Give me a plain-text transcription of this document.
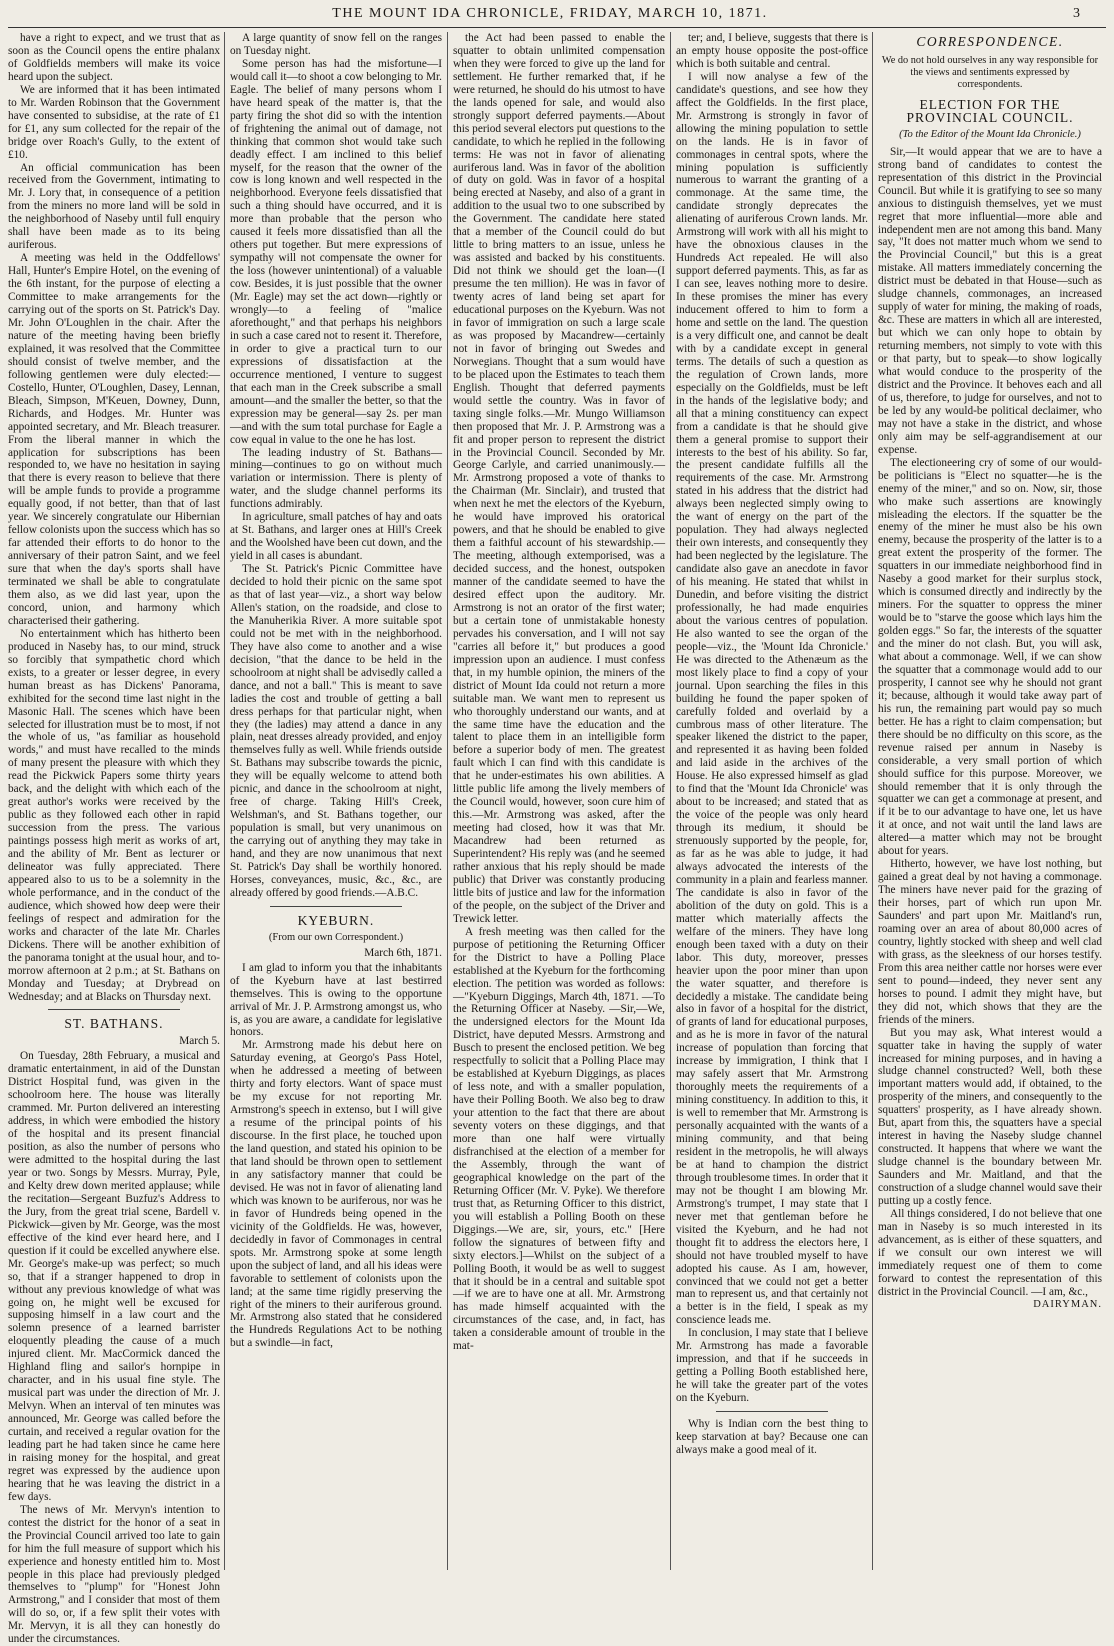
THE MOUNT IDA CHRONICLE, FRIDAY, MARCH 10, 1871.	3

have a right to expect, and we trust that as soon as the Council opens the entire phalanx of Goldfields members will make its voice heard upon the subject.

We are informed that it has been intimated to Mr. Warden Robinson that the Government have consented to subsidise, at the rate of £1 for £1, any sum collected for the repair of the bridge over Roach's Gully, to the extent of £10.

An official communication has been received from the Government, intimating to Mr. J. Lory that, in consequence of a petition from the miners no more land will be sold in the neighborhood of Naseby until full enquiry shall have been made as to its being auriferous.

A meeting was held in the Oddfellows' Hall, Hunter's Empire Hotel, on the evening of the 6th instant, for the purpose of electing a Committee to make arrangements for the carrying out of the sports on St. Patrick's Day. Mr. John O'Loughlen in the chair. After the nature of the meeting having been briefly explained, it was resolved that the Committee should consist of twelve member, and the following gentlemen were duly elected:—Costello, Hunter, O'Loughlen, Dasey, Lennan, Bleach, Simpson, M'Keuen, Downey, Dunn, Richards, and Hodges. Mr. Hunter was appointed secretary, and Mr. Bleach treasurer. From the liberal manner in which the application for subscriptions has been responded to, we have no hesitation in saying that there is every reason to believe that there will be ample funds to provide a programme equally good, if not better, than that of last year. We sincerely congratulate our Hibernian fellow colonists upon the success which has so far attended their efforts to do honor to the anniversary of their patron Saint, and we feel sure that when the day's sports shall have terminated we shall be able to congratulate them also, as we did last year, upon the concord, union, and harmony which characterised their gathering.

No entertainment which has hitherto been produced in Naseby has, to our mind, struck so forcibly that sympathetic chord which exists, to a greater or lesser degree, in every human breast as has Dickens' Panorama, exhibited for the second time last night in the Masonic Hall. The scenes which have been selected for illustration must be to most, if not the whole of us, "as familiar as household words," and must have recalled to the minds of many present the pleasure with which they read the Pickwick Papers some thirty years back, and the delight with which each of the great author's works were received by the public as they followed each other in rapid succession from the press. The various paintings possess high merit as works of art, and the ability of Mr. Bent as lecturer or delineator was fully appreciated. There appeared also to us to be a solemnity in the whole performance, and in the conduct of the audience, which showed how deep were their feelings of respect and admiration for the works and character of the late Mr. Charles Dickens. There will be another exhibition of the panorama tonight at the usual hour, and to-morrow afternoon at 2 p.m.; at St. Bathans on Monday and Tuesday; at Drybread on Wednesday; and at Blacks on Thursday next.

ST. BATHANS.
March 5.

On Tuesday, 28th February, a musical and dramatic entertainment, in aid of the Dunstan District Hospital fund, was given in the schoolroom here. The house was literally crammed. Mr. Purton delivered an interesting address, in which were embodied the history of the hospital and its present financial position, as also the number of persons who were admitted to the hospital during the last year or two. Songs by Messrs. Murray, Pyle, and Kelty drew down merited applause; while the recitation—Sergeant Buzfuz's Address to the Jury, from the great trial scene, Bardell v. Pickwick—given by Mr. George, was the most effective of the kind ever heard here, and I question if it could be excelled anywhere else. Mr. George's make-up was perfect; so much so, that if a stranger happened to drop in without any previous knowledge of what was going on, he might well be excused for supposing himself in a law court and the solemn presence of a learned barrister eloquently pleading the cause of a much injured client. Mr. MacCormick danced the Highland fling and sailor's hornpipe in character, and in his usual fine style. The musical part was under the direction of Mr. J. Melvyn. When an interval of ten minutes was announced, Mr. George was called before the curtain, and received a regular ovation for the leading part he had taken since he came here in raising money for the hospital, and great regret was expressed by the audience upon hearing that he was leaving the district in a few days.

The news of Mr. Mervyn's intention to contest the district for the honor of a seat in the Provincial Council arrived too late to gain for him the full measure of support which his experience and honesty entitled him to. Most people in this place had previously pledged themselves to "plump" for "Honest John Armstrong," and I consider that most of them will do so, or, if a few split their votes with Mr. Mervyn, it is all they can honestly do under the circumstances.

A large quantity of snow fell on the ranges on Tuesday night.

Some person has had the misfortune—I would call it—to shoot a cow belonging to Mr. Eagle. The belief of many persons whom I have heard speak of the matter is, that the party firing the shot did so with the intention of frightening the animal out of damage, not thinking that common shot would take such deadly effect. I am inclined to this belief myself, for the reason that the owner of the cow is long known and well respected in the neighborhood. Everyone feels dissatisfied that such a thing should have occurred, and it is more than probable that the person who caused it feels more dissatisfied than all the others put together. But mere expressions of sympathy will not compensate the owner for the loss (however unintentional) of a valuable cow. Besides, it is just possible that the owner (Mr. Eagle) may set the act down—rightly or wrongly—to a feeling of "malice aforethought," and that perhaps his neighbors in such a case cared not to resent it. Therefore, in order to give a practical turn to our expressions of dissatisfaction at the occurrence mentioned, I venture to suggest that each man in the Creek subscribe a small amount—and the smaller the better, so that the expression may be general—say 2s. per man—and with the sum total purchase for Eagle a cow equal in value to the one he has lost.

The leading industry of St. Bathans—mining—continues to go on without much variation or intermission. There is plenty of water, and the sludge channel performs its functions admirably.

In agriculture, small patches of hay and oats at St. Bathans, and larger ones at Hill's Creek and the Woolshed have been cut down, and the yield in all cases is abundant.

The St. Patrick's Picnic Committee have decided to hold their picnic on the same spot as that of last year—viz., a short way below Allen's station, on the roadside, and close to the Manuherikia River. A more suitable spot could not be met with in the neighborhood. They have also come to another and a wise decision, "that the dance to be held in the schoolroom at night shall be advisedly called a dance, and not a ball." This is meant to save ladies the cost and trouble of getting a ball dress perhaps for that particular night, when they (the ladies) may attend a dance in any plain, neat dresses already provided, and enjoy themselves fully as well. While friends outside St. Bathans may subscribe towards the picnic, they will be equally welcome to attend both picnic, and dance in the schoolroom at night, free of charge. Taking Hill's Creek, Welshman's, and St. Bathans together, our population is small, but very unanimous on the carrying out of anything they may take in hand, and they are now unanimous that next St. Patrick's Day shall be worthily honored. Horses, conveyances, music, &c., &c., are already offered by good friends.—A.B.C.

KYEBURN.
(From our own Correspondent.)
March 6th, 1871.

I am glad to inform you that the inhabitants of the Kyeburn have at last bestirred themselves. This is owing to the opportune arrival of Mr. J. P. Armstrong amongst us, who is, as you are aware, a candidate for legislative honors.

Mr. Armstrong made his debut here on Saturday evening, at Georgo's Pass Hotel, when he addressed a meeting of between thirty and forty electors. Want of space must be my excuse for not reporting Mr. Armstrong's speech in extenso, but I will give a resume of the principal points of his discourse. In the first place, he touched upon the land question, and stated his opinion to be that land should be thrown open to settlement in any satisfactory manner that could be devised. He was not in favor of alienating land which was known to be auriferous, nor was he in favor of Hundreds being opened in the vicinity of the Goldfields. He was, however, decidedly in favor of Commonages in central spots. Mr. Armstrong spoke at some length upon the subject of land, and all his ideas were favorable to settlement of colonists upon the land; at the same time rigidly preserving the right of the miners to their auriferous ground. Mr. Armstrong also stated that he considered the Hundreds Regulations Act to be nothing but a swindle—in fact,

the Act had been passed to enable the squatter to obtain unlimited compensation when they were forced to give up the land for settlement. He further remarked that, if he were returned, he should do his utmost to have the lands opened for sale, and would also strongly support deferred payments.—About this period several electors put questions to the candidate, to which he replied in the following terms: He was not in favor of alienating auriferous land. Was in favor of the abolition of duty on gold. Was in favor of a hospital being erected at Naseby, and also of a grant in addition to the usual two to one subscribed by the Government. The candidate here stated that a member of the Council could do but little to bring matters to an issue, unless he was assisted and backed by his constituents. Did not think we should get the loan—(I presume the ten million). He was in favor of twenty acres of land being set apart for educational purposes on the Kyeburn. Was not in favor of immigration on such a large scale as was proposed by Macandrew—certainly not in favor of bringing out Swedes and Norwegians. Thought that a sum would have to be placed upon the Estimates to teach them English. Thought that deferred payments would settle the country. Was in favor of taxing single folks.—Mr. Mungo Williamson then proposed that Mr. J. P. Armstrong was a fit and proper person to represent the district in the Provincial Council. Seconded by Mr. George Carlyle, and carried unanimously.—Mr. Armstrong proposed a vote of thanks to the Chairman (Mr. Sinclair), and trusted that when next he met the electors of the Kyeburn, he would have improved his oratorical powers, and that he should be enabled to give them a faithful account of his stewardship.—The meeting, although extemporised, was a decided success, and the honest, outspoken manner of the candidate seemed to have the desired effect upon the auditory. Mr. Armstrong is not an orator of the first water; but a certain tone of unmistakable honesty pervades his conversation, and I will not say "carries all before it," but produces a good impression upon an audience. I must confess that, in my humble opinion, the miners of the district of Mount Ida could not return a more suitable man. We want men to represent us who thoroughly understand our wants, and at the same time have the education and the talent to place them in an intelligible form before a superior body of men. The greatest fault which I can find with this candidate is that he under-estimates his own abilities. A little public life among the lively members of the Council would, however, soon cure him of this.—Mr. Armstrong was asked, after the meeting had closed, how it was that Mr. Macandrew had been returned as Superintendent? His reply was (and he seemed rather anxious that his reply should be made public) that Driver was constantly producing little bits of justice and law for the information of the people, on the subject of the Driver and Trewick letter.

A fresh meeting was then called for the purpose of petitioning the Returning Officer for the District to have a Polling Place established at the Kyeburn for the forthcoming election. The petition was worded as follows:—"Kyeburn Diggings, March 4th, 1871. —To the Returning Officer at Naseby. —Sir,—We, the undersigned electors for the Mount Ida District, have deputed Messrs. Armstrong and Busch to present the enclosed petition. We beg respectfully to solicit that a Polling Place may be established at Kyeburn Diggings, as places of less note, and with a smaller population, have their Polling Booth. We also beg to draw your attention to the fact that there are about seventy voters on these diggings, and that more than one half were virtually disfranchised at the election of a member for the Assembly, through the want of geographical knowledge on the part of the Returning Officer (Mr. V. Pyke). We therefore trust that, as Returning Officer to this district, you will establish a Polling Booth on these Diggings.—We are, sir, yours, etc." [Here follow the signatures of between fifty and sixty electors.]—Whilst on the subject of a Polling Booth, it would be as well to suggest that it should be in a central and suitable spot—if we are to have one at all. Mr. Armstrong has made himself acquainted with the circumstances of the case, and, in fact, has taken a considerable amount of trouble in the mat-

ter; and, I believe, suggests that there is an empty house opposite the post-office which is both suitable and central.

I will now analyse a few of the candidate's questions, and see how they affect the Goldfields. In the first place, Mr. Armstrong is strongly in favor of allowing the mining population to settle on the lands. He is in favor of commonages in central spots, where the mining population is sufficiently numerous to warrant the granting of a commonage. At the same time, the candidate strongly deprecates the alienating of auriferous Crown lands. Mr. Armstrong will work with all his might to have the obnoxious clauses in the Hundreds Act repealed. He will also support deferred payments. This, as far as I can see, leaves nothing more to desire. In these promises the miner has every inducement offered to him to form a home and settle on the land. The question is a very difficult one, and cannot be dealt with by a candidate except in general terms. The details of such a question as the regulation of Crown lands, more especially on the Goldfields, must be left in the hands of the legislative body; and all that a mining constituency can expect from a candidate is that he should give them a general promise to support their interests to the best of his ability. So far, the present candidate fulfills all the requirements of the case. Mr. Armstrong stated in his address that the district had always been neglected simply owing to the want of energy on the part of the population. They had always neglected their own interests, and consequently they had been neglected by the legislature. The candidate also gave an anecdote in favor of his meaning. He stated that whilst in Dunedin, and before visiting the district professionally, he had made enquiries about the various centres of population. He also wanted to see the organ of the people—viz., the 'Mount Ida Chronicle.' He was directed to the Athenæum as the most likely place to find a copy of your journal. Upon searching the files in this building he found the paper spoken of carefully folded and overlaid by a cumbrous mass of other literature. The speaker likened the district to the paper, and represented it as having been folded and laid aside in the archives of the House. He also expressed himself as glad to find that the 'Mount Ida Chronicle' was about to be increased; and stated that as the voice of the people was only heard through its medium, it should be strenuously supported by the people, for, as far as he was able to judge, it had always advocated the interests of the community in a plain and fearless manner. The candidate is also in favor of the abolition of the duty on gold. This is a matter which materially affects the welfare of the miners. They have long enough been taxed with a duty on their labor. This duty, moreover, presses heavier upon the poor miner than upon the water squatter, and therefore is decidedly a mistake. The candidate being also in favor of a hospital for the district, of grants of land for educational purposes, and as he is more in favor of the natural increase of population than forcing that increase by immigration, I think that I may safely assert that Mr. Armstrong thoroughly meets the requirements of a mining constituency. In addition to this, it is well to remember that Mr. Armstrong is personally acquainted with the wants of a mining community, and that being resident in the metropolis, he will always be at hand to champion the district through troublesome times. In order that it may not be thought I am blowing Mr. Armstrong's trumpet, I may state that I never met that gentleman before he visited the Kyeburn, and he had not thought fit to address the electors here, I should not have troubled myself to have adopted his cause. As I am, however, convinced that we could not get a better man to represent us, and that certainly not a better is in the field, I speak as my conscience leads me.

In conclusion, I may state that I believe Mr. Armstrong has made a favorable impression, and that if he succeeds in getting a Polling Booth established here, he will take the greater part of the votes on the Kyeburn.

Why is Indian corn the best thing to keep starvation at bay? Because one can always make a good meal of it.

CORRESPONDENCE.
We do not hold ourselves in any way responsible for the views and sentiments expressed by correspondents.
ELECTION FOR THE PROVINCIAL COUNCIL.
(To the Editor of the Mount Ida Chronicle.)

Sir,—It would appear that we are to have a strong band of candidates to contest the representation of this district in the Provincial Council. But while it is gratifying to see so many anxious to distinguish themselves, yet we must regret that more influential—more able and independent men are not among this band. Many say, "It does not matter much whom we send to the Provincial Council," but this is a great mistake. All matters immediately concerning the district must be debated in that House—such as sludge channels, commonages, an increased supply of water for mining, the making of roads, &c. These are matters in which all are interested, but which we can only hope to obtain by returning members, not simply to vote with this or that party, but to speak—to show logically what would conduce to the prosperity of the district and the Province. It behoves each and all of us, therefore, to judge for ourselves, and not to be led by any would-be political declaimer, who may not have a stake in the district, and whose only aim may be self-aggrandisement at our expense.

The electioneering cry of some of our would-be politicians is "Elect no squatter—he is the enemy of the miner," and so on. Now, sir, those who make such assertions are knowingly misleading the electors. If the squatter be the enemy of the miner he must also be his own enemy, because the prosperity of the latter is to a great extent the prosperity of the former. The squatters in our immediate neighborhood find in Naseby a good market for their surplus stock, which is consumed directly and indirectly by the miners. For the squatter to oppress the miner would be to "starve the goose which lays him the golden eggs." So far, the interests of the squatter and the miner do not clash. But, you will ask, what about a commonage. Well, if we can show the squatter that a commonage would add to our prosperity, I cannot see why he should not grant it; because, although it would take away part of his run, the remaining part would pay so much better. He has a right to claim compensation; but there should be no difficulty on this score, as the revenue raised per annum in Naseby is considerable, a very small portion of which should suffice for this purpose. Moreover, we should remember that it is only through the squatter we can get a commonage at present, and if it be to our advantage to have one, let us have it at once, and not wait until the land laws are altered—a matter which may not be brought about for years.

Hitherto, however, we have lost nothing, but gained a great deal by not having a commonage. The miners have never paid for the grazing of their horses, part of which run upon Mr. Saunders' and part upon Mr. Maitland's run, roaming over an area of about 80,000 acres of country, lightly stocked with sheep and well clad with grass, as the sleekness of our horses testify. From this area neither cattle nor horses were ever sent to pound—indeed, they never sent any horses to pound. I admit they might have, but they did not, which shows that they are the friends of the miners.

But you may ask, What interest would a squatter take in having the supply of water increased for mining purposes, and in having a sludge channel constructed? Well, both these important matters would add, if obtained, to the prosperity of the miners, and consequently to the squatters' prosperity, as I have already shown. But, apart from this, the squatters have a special interest in having the Naseby sludge channel constructed. It happens that where we want the sludge channel is the boundary between Mr. Saunders and Mr. Maitland, and that the construction of a sludge channel would save their putting up a costly fence.

All things considered, I do not believe that one man in Naseby is so much interested in its advancement, as is either of these squatters, and if we consult our own interest we will immediately request one of them to come forward to contest the representation of this district in the Provincial Council. —I am, &c.,

DAIRYMAN.
